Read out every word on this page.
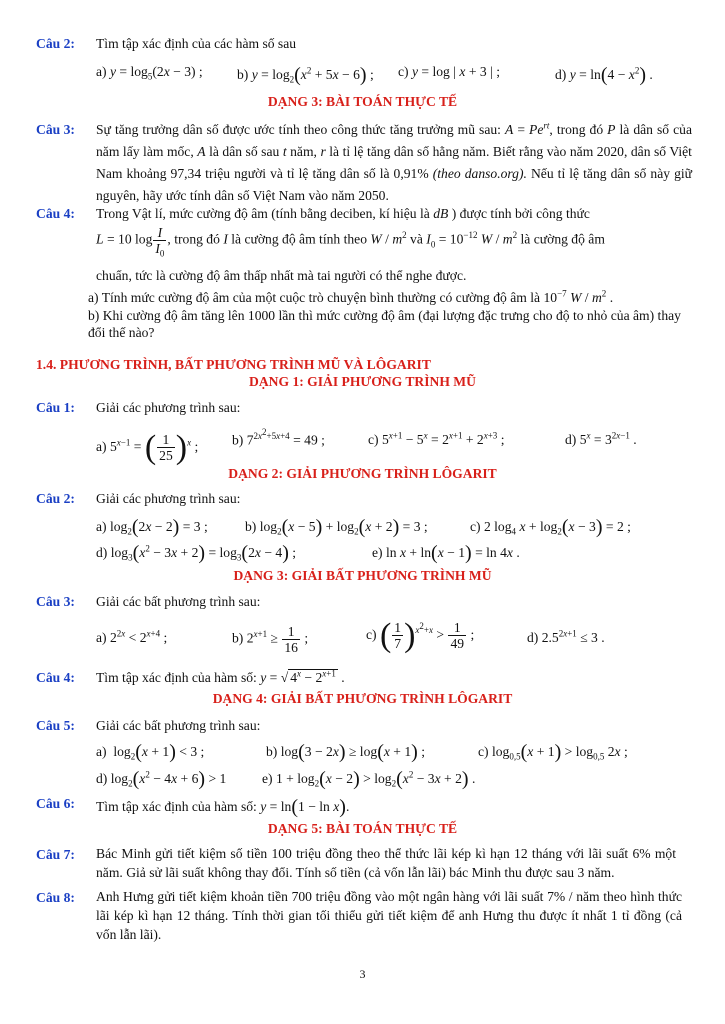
Câu 2: Tìm tập xác định của các hàm số sau
a) $y = \log_5(2x - 3)$ ;	b) $y = \log_2(x^2 + 5x - 6)$ ; c) y = log | x + 3 | ;	d) $y = \ln(4 - x^2)$ .
DẠNG 3: BÀI TOÁN THỰC TẾ
Câu 3: Sự tăng trưởng dân số được ước tính theo công thức tăng trưởng mũ sau: $A = Pe^{rt}$, trong đó P là dân số của năm lấy làm mốc, A là dân số sau t năm, r là tỉ lệ tăng dân số hằng năm. Biết rằng vào năm 2020, dân số Việt Nam khoảng 97,34 triệu người và tỉ lệ tăng dân số là 0,91% (theo danso.org). Nếu tỉ lệ tăng dân số này giữ nguyên, hãy ước tính dân số Việt Nam vào năm 2050.
Câu 4: Trong Vật lí, mức cường độ âm (tính bằng deciben, kí hiệu là dB ) được tính bởi công thức
L = 10 $\log \frac{I}{I_0}$ , trong đó I là cường độ âm tính theo W / $m^2$ và $I_0 = 10^{-12}$ W / $m^2$ là cường độ âm
chuẩn, tức là cường độ âm thấp nhất mà tai người có thể nghe được.
a) Tính mức cường độ âm của một cuộc trò chuyện bình thường có cường độ âm là $10^{-7}$ W / $m^2$ .
b) Khi cường độ âm tăng lên 1000 lần thì mức cường độ âm (đại lượng đặc trưng cho độ to nhỏ của âm) thay đổi thế nào?
1.4. PHƯƠNG TRÌNH, BẤT PHƯƠNG TRÌNH MŨ VÀ LÔGARIT
DẠNG 1: GIẢI PHƯƠNG TRÌNH MŨ
Câu 1: Giải các phương trình sau:
a) $5^{x-1}$ = ( $\frac{1}{25} )^x$ ; b) $7^{2x^2+5x+4} = 49$ ;	c) $5^{x+1} - 5^x = 2^{x+1} + 2^{x+3}$ ;	d) $5^x = 3^{2x-1}$ .
DẠNG 2: GIẢI PHƯƠNG TRÌNH LÔGARIT
Câu 2: Giải các phương trình sau:
a) $\log_2(2x - 2) = 3$ ;	b) $\log_2(x - 5) + \log_2(x + 2) = 3$ ;	c) 2 $\log_4 x + \log_2(x - 3) = 2$ ;
d) $\log_3(x^2 - 3x + 2) = \log_3(2x - 4)$ ;	e) ln x + ln(x − 1) = ln 4x .
DẠNG 3: GIẢI BẤT PHƯƠNG TRÌNH MŨ
Câu 3: Giải các bất phương trình sau:
a) $2^{2x} < 2^{x+4}$ ;	b) $2^{x+1} \ge \frac{1}{16}$ ;	c) ( $\frac{1}{7} )^{x^2+x} > \frac{1}{49}$ ;	d) $2.5^{2x+1} \le 3$ .
Câu 4: Tìm tập xác định của hàm số: y = √ $4^x - 2^{x+1}$ .
DẠNG 4: GIẢI BẤT PHƯƠNG TRÌNH LÔGARIT
Câu 5: Giải các bất phương trình sau:
a)  $\log_2(x + 1) < 3$ ;	b) log(3 − 2x) ≥ log(x + 1) ;	c) $\log_{0,5}(x + 1) > \log_{0,5} 2x$ ;
d) $\log_2(x^2 - 4x + 6) > 1$	e) $1 + \log_2(x - 2) > \log_2(x^2 - 3x + 2)$ .
Câu 6: Tìm tập xác định của hàm số: y = ln(1 − ln x).
DẠNG 5: BÀI TOÁN THỰC TẾ
Câu 7: Bác Minh gửi tiết kiệm số tiền 100 triệu đồng theo thể thức lãi kép kì hạn 12 tháng với lãi suất 6% một năm. Giả sử lãi suất không thay đổi. Tính số tiền (cả vốn lẫn lãi) bác Minh thu được sau 3 năm.
Câu 8: Anh Hưng gửi tiết kiệm khoản tiền 700 triệu đồng vào một ngân hàng với lãi suất 7% / năm theo hình thức lãi kép kì hạn 12 tháng. Tính thời gian tối thiểu gửi tiết kiệm để anh Hưng thu được ít nhất 1 tỉ đồng (cả vốn lẫn lãi).
3
